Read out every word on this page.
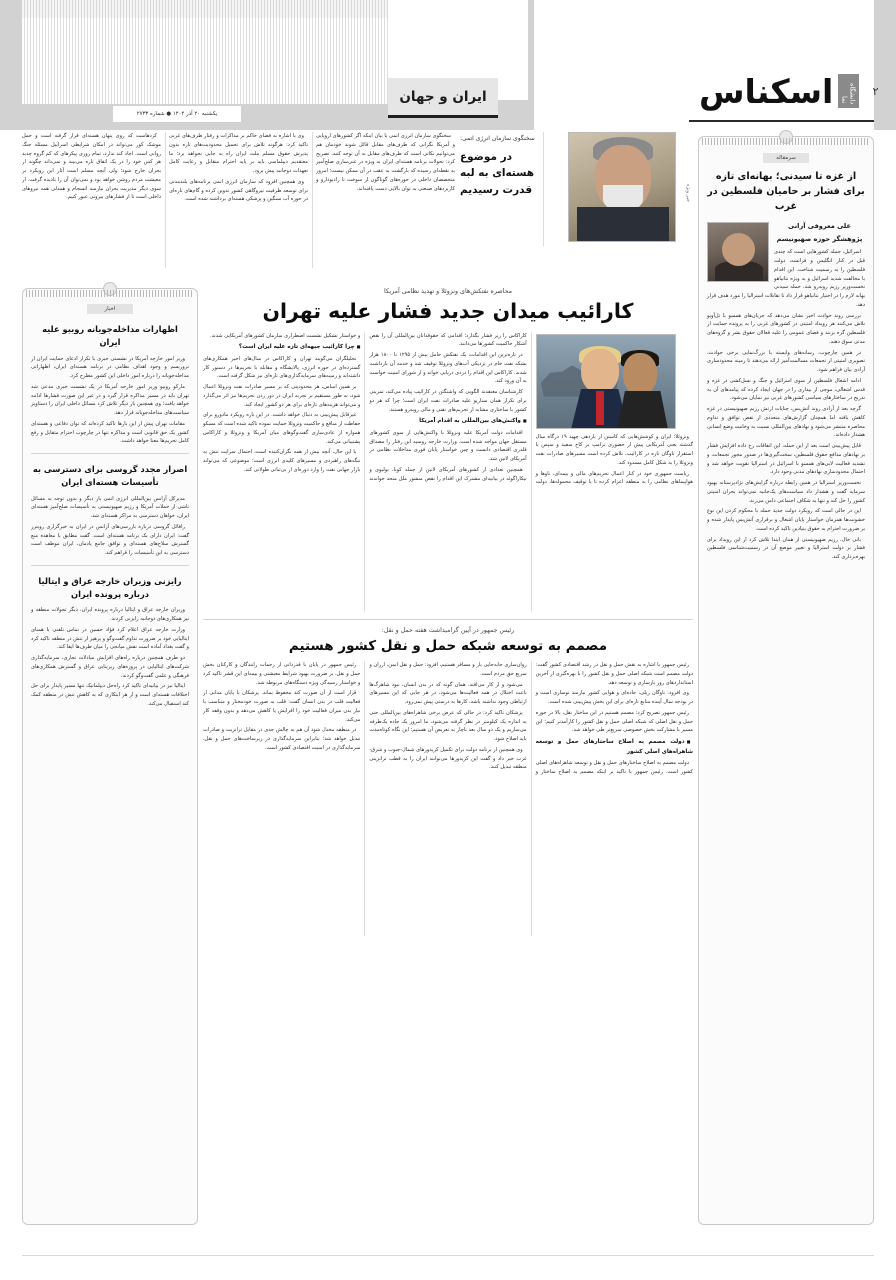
۲
دانشگاه نما
اسکناس
ایران و جهان
یکشنبه ۲۰ آذر ۱۴۰۴ ● شماره ۲۷۳۳
خبر ویژه
سخنگوی سازمان انرژی اتمی:
در موضوع هسته‌ای به لبه قدرت رسیدیم

سخنگوی سازمان انرژی اتمی با بیان اینکه اگر کشورهای اروپایی و آمریکا نگرانی که طرف‌های مقابل قائل شوند خودمان هم می‌توانیم نکاتی است که طرف‌های مقابل به آن توجه کنند، تصریح کرد: تحولات برنامه هسته‌ای ایران به ویژه در غنی‌سازی صلح‌آمیز به نقطه‌ای رسیده که بازگشت به عقب در آن ممکن نیست؛ امروز متخصصان داخلی در حوزه‌های گوناگون از سوخت تا رادیودارو و کاربردهای صنعتی به توان بالایی دست یافته‌اند.

وی با اشاره به فضای حاکم بر مذاکرات و رفتار طرف‌های غربی تاکید کرد: هرگونه تلاش برای تحمیل محدودیت‌های تازه بدون پذیرش حقوق مسلم ملت ایران راه به جایی نخواهد برد؛ ما معتقدیم دیپلماسی باید بر پایه احترام متقابل و رعایت کامل تعهدات دوجانبه پیش برود.

وی همچنین افزود که سازمان انرژی اتمی برنامه‌های بلندمدتی برای توسعه ظرفیت نیروگاهی کشور تدوین کرده و گام‌های تازه‌ای در حوزه آب سنگین و پزشکی هسته‌ای برداشته شده است.

کردهاست که روی پنهان هسته‌ای قرار گرفته است و حمل موشک کور می‌تواند در امکان شرایطی اسراییل مسئله جنگ روانی است. اجاد کند ندارد، تمام روزی پیکرهای که کم گروه جدید هر کس خود را در یک اتفاق تازه می‌بیند و نمی‌داند چگونه از بحران خارج شود؛ ولی آنچه مسلم است آثار این رویکرد بر معیشت مردم روشن خواهد بود و نمی‌توان آن را نادیده گرفت. از سوی دیگر مدیریت بحران نیازمند انسجام و همدلی همه نیروهای داخلی است تا از فشارهای بیرونی عبور کنیم.

سرمقاله
از غزه تا سیدنی؛ بهانه‌ای تازه برای فشار بر حامیان فلسطین در غرب
علی معروفی آرانی
پژوهشگر حوزه صهیونیسم

اسرائیل، جمله کشورهایی است که چندی قبل در کنار انگلیس و فرانسه، دولت فلسطین را به رسمیت شناخت. این اقدام با مخالفت شدید اسرائیل و به ویژه نتانیاهو نخست‌وزیر رژیم روبه‌رو شد. حمله سیدنی بهانه لازم را در اختیار نتانیاهو قرار داد تا تقابلات استرالیا را مورد هدف قرار دهد.

بررسی روند حوادث اخیر نشان می‌دهد که جریان‌های همسو با تل‌آویو تلاش می‌کنند هر رویداد امنیتی در کشورهای غربی را به پرونده حمایت از فلسطین گره بزنند و فضای عمومی را علیه فعالان حقوق بشر و گروه‌های مدنی سوق دهند.

در همین چارچوب، رسانه‌های وابسته با بزرگ‌نمایی برخی حوادث، تصویری امنیتی از تجمعات مسالمت‌آمیز ارائه می‌دهند تا زمینه محدودسازی آزادی بیان فراهم شود.

ادامه اشغال فلسطین از سوی اسرائیل و جنگ و نسل‌کشی در غزه و قدس اشغالی، موجی از بیداری را در جهان ایجاد کرده که پیامدهای آن به تدریج در ساختارهای سیاسی کشورهای غربی نیز نمایان می‌شود.

گرچه بعد از آزادی روند آتش‌بس، جنایات ارتش رژیم صهیونیستی در غزه کاهش یافته اما همچنان گزارش‌های متعددی از نقض توافق و تداوم محاصره منتشر می‌شود و نهادهای بین‌المللی نسبت به وخامت وضع انسانی هشدار داده‌اند.

قابل پیش‌بینی است بعد از این حمله، این اتفاقات رخ داده افزایش فشار بر نهادهای مدافع حقوق فلسطین، سخت‌گیری‌ها در صدور مجوز تجمعات، و تشدید فعالیت لابی‌های همسو با اسرائیل در استرالیا تقویت خواهد شد و احتمال محدودسازی نهادهای مدنی وجود دارد.

نخست‌وزیر استرالیا در همین رابطه درباره گرایش‌های نژادپرستانه بهبود سرمایه گفت و هشدار داد سیاست‌های یک‌جانبه نمی‌تواند بحران امنیتی کشور را حل کند و تنها به شکاف اجتماعی دامن می‌زند.

این در حالی است که رویکرد دولت جدید حمله با محکوم کردن این نوع خشونت‌ها همزمان خواستار پایان اشغال و برقراری آتش‌بس پایدار شده و بر ضرورت احترام به حقوق بنیادین تاکید کرده است.

باتی حال، رژیم صهیونیستی از همان ابتدا تلاش کرد از این رویداد برای فشار بر دولت استرالیا و تغییر موضع آن در رسمیت‌شناسی فلسطین بهره‌برداری کند.

اخبار
اظهارات مداخله‌جویانه روبیو علیه ایران

وزیر امور خارجه آمریکا در نشستی خبری با تکرار ادعای حمایت ایران از تروریسم و وجود اهداف نظامی در برنامه هسته‌ای ایران، اظهاراتی مداخله‌جویانه را درباره امور داخلی این کشور مطرح کرد.

مارکو روبیو وزیر امور خارجه آمریکا در یک نشست خبری مدعی شد تهران باید در مسیر مذاکره قرار گیرد و در غیر این صورت فشارها ادامه خواهد یافت؛ وی همچنین بار دیگر تلاش کرد مسائل داخلی ایران را دستاویز سیاست‌های مداخله‌جویانه قرار دهد.

مقامات تهران پیش از این بارها تاکید کرده‌اند که توان دفاعی و هسته‌ای کشور یک حق قانونی است و مذاکره تنها در چارچوب احترام متقابل و رفع کامل تحریم‌ها معنا خواهد داشت.

اصرار مجدد گروسی برای دسترسی به تأسیسات هسته‌ای ایران

مدیرکل آژانس بین‌المللی انرژی اتمی بار دیگر و بدون توجه به مسائل ناشی از حملات آمریکا و رژیم صهیونیستی به تأسیسات صلح‌آمیز هسته‌ای ایران، خواهان دسترسی به مراکز هسته‌ای شد.

رافائل گروسی درباره بازرسی‌های آژانس در ایران به خبرگزاری رویترز گفت: ایران دارای یک برنامه هسته‌ای است. گفت مطابق با معاهده منع گسترش سلاح‌های هسته‌ای و توافق جامع پادمان، ایران موظف است دسترسی به این تأسیسات را فراهم کند.

رایزنی وزیران خارجه عراق و ایتالیا درباره پرونده ایران

وزیران خارجه عراق و ایتالیا درباره پرونده ایران، دیگر تحولات منطقه و نیز همکاری‌های دوجانبه رایزنی کردند.

وزارت خارجه عراق اعلام کرد فؤاد حسین در تماس تلفنی با همتای ایتالیایی خود بر ضرورت تداوم گفت‌وگو و پرهیز از تنش در منطقه تاکید کرد و گفت بغداد آماده است نقش میانجی را میان طرف‌ها ایفا کند.

دو طرف همچنین درباره راه‌های افزایش مبادلات تجاری، سرمایه‌گذاری شرکت‌های ایتالیایی در پروژه‌های زیربنایی عراق و گسترش همکاری‌های فرهنگی و علمی گفت‌وگو کردند.

ایتالیا نیز در بیانیه‌ای تاکید کرد راه‌حل دیپلماتیک تنها مسیر پایدار برای حل اختلافات هسته‌ای است و از هر ابتکاری که به کاهش تنش در منطقه کمک کند استقبال می‌کند.

محاصره نفتکش‌های ونزوئلا و تهدید نظامی آمریکا
کارائیب میدان جدید فشار علیه تهران

ونزوئلا؛ ایران و کوشش‌هایی که کاستن از بازدهی چهید ۱۹ درگاه سال گذشته یعنی آمریکایی پیش از حضوری ترامپ بر کاخ سفید و سپس با استقرار ناوگان تازه در کارائیب، تلاش کرده است مسیرهای صادرات نفت ونزوئلا را به شکل کامل مسدود کند.

ریاست جمهوری خود در کنار اعمال تحریم‌های مالی و بیمه‌ای، ناوها و هواپیماهای نظامی را به منطقه اعزام کرده تا با توقیف محموله‌ها، دولت کاراکاس را زیر فشار بگذارد؛ اقدامی که حقوقدانان بین‌المللی آن را نقض آشکار حاکمیت کشورها می‌دانند.

در تازه‌ترین این اقدامات، یک نفتکش حامل بیش از ۱۲۹۵ تا ۱۸۰۰ هزار بشکه نفت خام در نزدیکی آب‌های ونزوئلا توقیف شد و خدمه آن بازداشت شدند. کاراکاس این اقدام را دزدی دریایی خواند و از شورای امنیت خواست به آن ورود کند.

کارشناسان معتقدند الگویی که واشنگتن در کارائیب پیاده می‌کند، تمرینی برای تکرار همان سناریو علیه صادرات نفت ایران است؛ چرا که هر دو کشور با ساختاری مشابه از تحریم‌های نفتی و مالی روبه‌رو هستند.

■ واکنش‌های بین‌المللی به اقدام آمریکا

اقدامات دولت آمریکا علیه ونزوئلا با واکنش‌هایی از سوی کشورهای مستقل جهان مواجه شده است. وزارت خارجه روسیه این رفتار را مصداق قلدری اقتصادی دانست و چین خواستار پایان فوری مداخلات نظامی در آمریکای لاتین شد.

همچنین تعدادی از کشورهای آمریکای لاتین از جمله کوبا، بولیوی و نیکاراگوئه در بیانیه‌ای مشترک این اقدام را نقض منشور ملل متحد خواندند و خواستار تشکیل نشست اضطراری سازمان کشورهای آمریکایی شدند.

■ چرا کارائیب جبهه‌ای تازه علیه ایران است؟

تحلیلگران می‌گویند تهران و کاراکاس در سال‌های اخیر همکاری‌های گسترده‌ای در حوزه انرژی، پالایشگاه و مقابله با تحریم‌ها در دستور کار داشته‌اند و زمینه‌های سرمایه‌گذاری‌های تازه‌ای نیز شکل گرفته است.

بر همین اساس، هر محدودیتی که بر مسیر صادرات نفت ونزوئلا اعمال شود، به طور مستقیم بر تجربه ایران در دور زدن تحریم‌ها نیز اثر می‌گذارد و می‌تواند هزینه‌های تازه‌ای برای هر دو کشور ایجاد کند.

غیرقابل پیش‌بینی به دنبال خواهد داشت. در این باره رویکرد مادورو برای حفاظت از منافع و حاکمیت ونزوئلا حمایت نموده تاکید شده است که مسکو همواره از عادی‌سازی گفت‌وگوهای میان آمریکا و ونزوئلا و کاراکاس پشتیبانی می‌کند.

با این حال، آنچه بیش از همه نگران‌کننده است، احتمال سرایت تنش به تنگه‌های راهبردی و مسیرهای کلیدی انرژی است؛ موضوعی که می‌تواند بازار جهانی نفت را وارد دوره‌ای از بی‌ثباتی طولانی کند.

رئیس جمهور در آیین گرامیداشت هفته حمل و نقل:
مصمم به توسعه شبکه حمل و نقل کشور هستیم

رئیس جمهور با اشاره به نقش حمل و نقل در رشد اقتصادی کشور گفت: دولت مصمم است شبکه اصلی حمل و نقل کشور را با بهره‌گیری از آخرین استانداردهای روز بازسازی و توسعه دهد.

وی افزود: ناوگان ریلی، جاده‌ای و هوایی کشور نیازمند نوسازی است و در بودجه سال آینده منابع تازه‌ای برای این بخش پیش‌بینی شده است.

رئیس جمهور تصریح کرد: مصمم هستیم در این ساختار نقل، بالا در حوزه حمل و نقل اصلی که شبکه اصلی حمل و نقل کشور را کارآمدتر کنیم؛ این مسیر با مشارکت بخش خصوصی سریع‌تر طی خواهد شد.

■ دولت مصمم به اصلاح ساختارهای حمل و توسعه شاهراه‌های اصلی کشور

دولت مصمم به اصلاح ساختارهای حمل و نقل و توسعه شاهراه‌های اصلی کشور است. رئیس جمهور با تاکید بر اینکه مصمم به اصلاح ساختار و روان‌سازی جابه‌جایی بار و مسافر هستیم، افزود: حمل و نقل ایمن، ارزان و سریع حق مردم است.

می‌شود و از کار می‌افتد. همان گونه که در بدن انسان، نبود شاهرگ‌ها باعث اختلال در همه فعالیت‌ها می‌شود، در هر جایی که این مسیرهای ارتباطی وجود نداشته باشد، کارها به درستی پیش نمی‌رود.

پزشکان تاکید کرد: در حالی که عرض برخی شاهراه‌های بین‌المللی حتی به اندازه یک کیلومتر در نظر گرفته می‌شود، ما امروز یک جاده یک‌طرفه می‌سازیم و یک دو سال بعد ناچار به تعریض آن هستیم؛ این نگاه کوتاه‌مدت باید اصلاح شود.

وی همچنین از برنامه دولت برای تکمیل کریدورهای شمال-جنوب و شرق-غرب خبر داد و گفت این کریدورها می‌توانند ایران را به قطب ترانزیتی منطقه تبدیل کنند.

رئیس جمهور در پایان با قدردانی از زحمات رانندگان و کارکنان بخش حمل و نقل، بر ضرورت بهبود شرایط معیشتی و بیمه‌ای این قشر تاکید کرد و خواستار رسیدگی ویژه دستگاه‌های مربوطه شد.

قرار است از آن صورت کند محفوظ بماند. پزشکان با پایان مدانی از فعالیت قلب در بدن انسان گفت: قلب به صورت خودمختار و متناسب با نیاز بدن میزان فعالیت خود را افزایش یا کاهش می‌دهد و بدون وقفه کار می‌کند.

در منطقه مخدل شود آن هم به چالش جدی در مقابل ترانزیت و صادرات تبدیل خواهد شد؛ بنابراین سرمایه‌گذاری در زیرساخت‌های حمل و نقل، سرمایه‌گذاری در امنیت اقتصادی کشور است.
